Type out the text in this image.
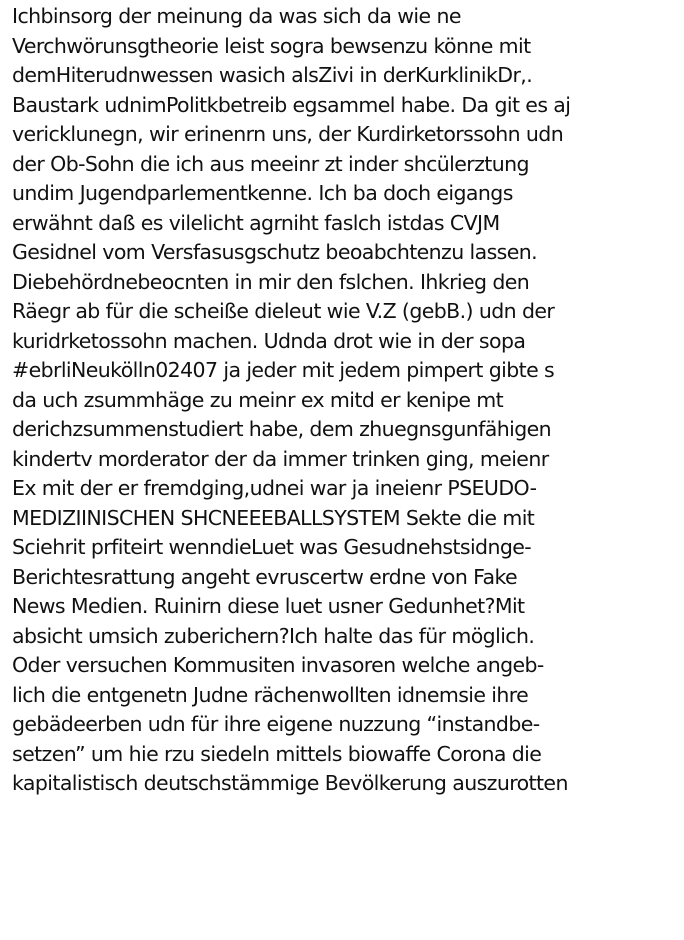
Ichbinsorg der meinung da was sich da wie ne
Verchwörunsgtheorie leist sogra bewsenzu könne mit
demHiterudnwessen wasich alsZivi in derKurklinikDr,.
Baustark udnimPolitkbetreib egsammel habe. Da git es aj
vericklunegn, wir erinenrn uns, der Kurdirketorssohn udn
der Ob-Sohn die ich aus meeinr zt inder shcülerztung
undim Jugendparlementkenne. Ich ba doch eigangs
erwähnt daß es vilelicht agrniht faslch istdas CVJM
Gesidnel vom Versfasusgschutz beoabchtenzu lassen.
Diebehördnebeocnten in mir den fslchen. Ihkrieg den
Räegr ab für die scheiße dieleut wie V.Z (gebB.) udn der
kuridrketossohn machen. Udnda drot wie in der sopa
#ebrliNeukölln02407 ja jeder mit jedem pimpert gibte s
da uch zsummhäge zu meinr ex mitd er kenipe mt
derichzsummenstudiert habe, dem zhuegnsgunfähigen
kindertv morderator der da immer trinken ging, meienr
Ex mit der er fremdging,udnei war ja ineienr PSEUDO-
MEDIZIINISCHEN SHCNEEEBALLSYSTEM Sekte die mit
Sciehrit prfiteirt wenndieLuet was Gesudnehstsidnge-
Berichtesrattung angeht evruscertw erdne von Fake
News Medien. Ruinirn diese luet usner Gedunhet?Mit
absicht umsich zuberichern?Ich halte das für möglich.
Oder versuchen Kommusiten invasoren welche angeb-
lich die entgenetn Judne rächenwollten idnemsie ihre
gebädeerben udn für ihre eigene nuzzung “instandbe-
setzen” um hie rzu siedeln mittels biowaffe Corona die
kapitalistisch deutschstämmige Bevölkerung auszurotten
